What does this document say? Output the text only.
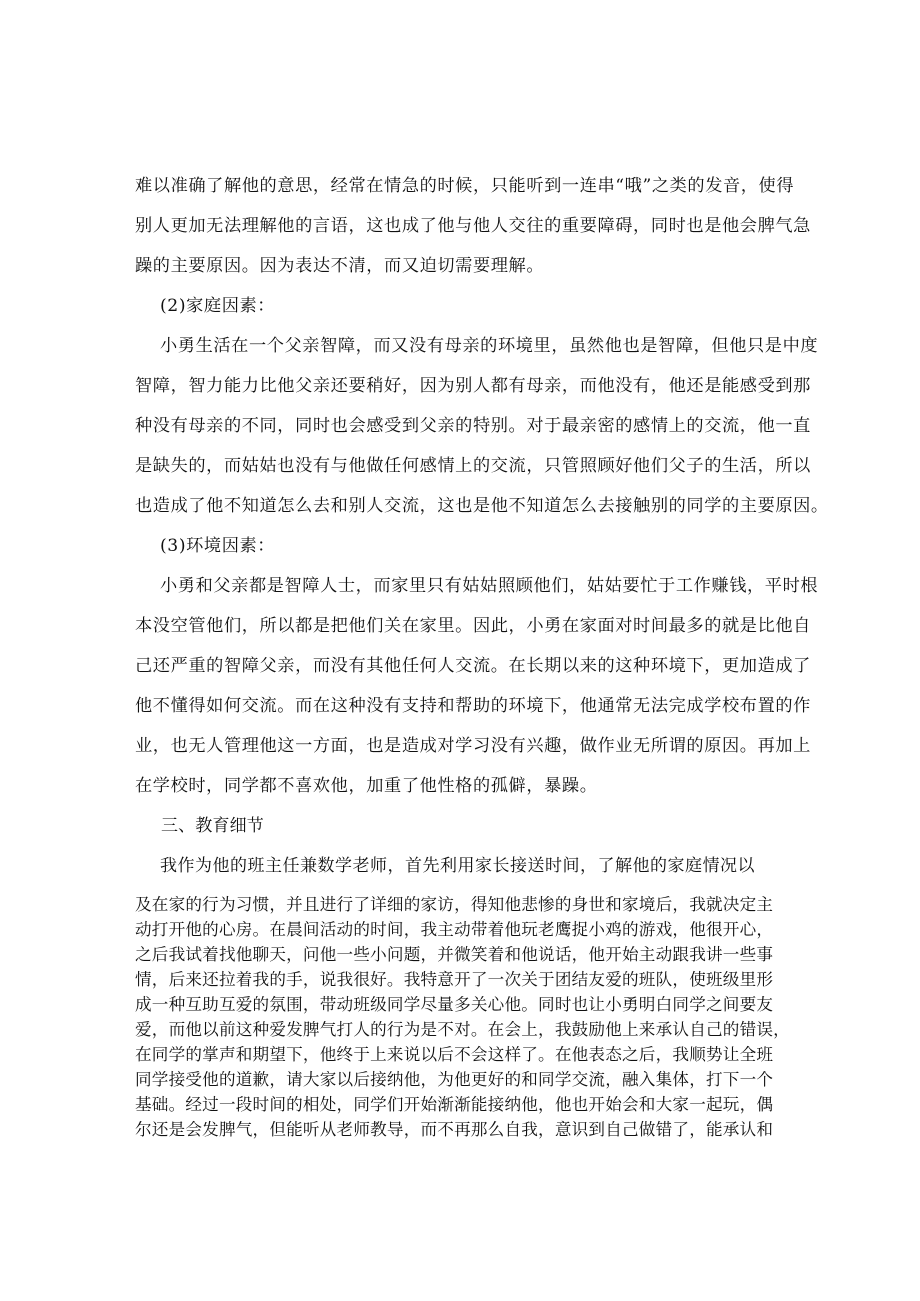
难以准确了解他的意思，经常在情急的时候，只能听到一连串“哦”之类的发音，使得
别人更加无法理解他的言语，这也成了他与他人交往的重要障碍，同时也是他会脾气急
躁的主要原因。因为表达不清，而又迫切需要理解。
(2)家庭因素：
小勇生活在一个父亲智障，而又没有母亲的环境里，虽然他也是智障，但他只是中度
智障，智力能力比他父亲还要稍好，因为别人都有母亲，而他没有，他还是能感受到那
种没有母亲的不同，同时也会感受到父亲的特别。对于最亲密的感情上的交流，他一直
是缺失的，而姑姑也没有与他做任何感情上的交流，只管照顾好他们父子的生活，所以
也造成了他不知道怎么去和别人交流，这也是他不知道怎么去接触别的同学的主要原因。
(3)环境因素：
小勇和父亲都是智障人士，而家里只有姑姑照顾他们，姑姑要忙于工作赚钱，平时根
本没空管他们，所以都是把他们关在家里。因此，小勇在家面对时间最多的就是比他自
己还严重的智障父亲，而没有其他任何人交流。在长期以来的这种环境下，更加造成了
他不懂得如何交流。而在这种没有支持和帮助的环境下，他通常无法完成学校布置的作
业，也无人管理他这一方面，也是造成对学习没有兴趣，做作业无所谓的原因。再加上
在学校时，同学都不喜欢他，加重了他性格的孤僻，暴躁。
三、教育细节
我作为他的班主任兼数学老师，首先利用家长接送时间，了解他的家庭情况以
及在家的行为习惯，并且进行了详细的家访，得知他悲惨的身世和家境后，我就决定主
动打开他的心房。在晨间活动的时间，我主动带着他玩老鹰捉小鸡的游戏，他很开心，
之后我试着找他聊天，问他一些小问题，并微笑着和他说话，他开始主动跟我讲一些事
情，后来还拉着我的手，说我很好。我特意开了一次关于团结友爱的班队，使班级里形
成一种互助互爱的氛围，带动班级同学尽量多关心他。同时也让小勇明白同学之间要友
爱，而他以前这种爱发脾气打人的行为是不对。在会上，我鼓励他上来承认自己的错误，
在同学的掌声和期望下，他终于上来说以后不会这样了。在他表态之后，我顺势让全班
同学接受他的道歉，请大家以后接纳他，为他更好的和同学交流，融入集体，打下一个
基础。经过一段时间的相处，同学们开始渐渐能接纳他，他也开始会和大家一起玩，偶
尔还是会发脾气，但能听从老师教导，而不再那么自我，意识到自己做错了，能承认和
